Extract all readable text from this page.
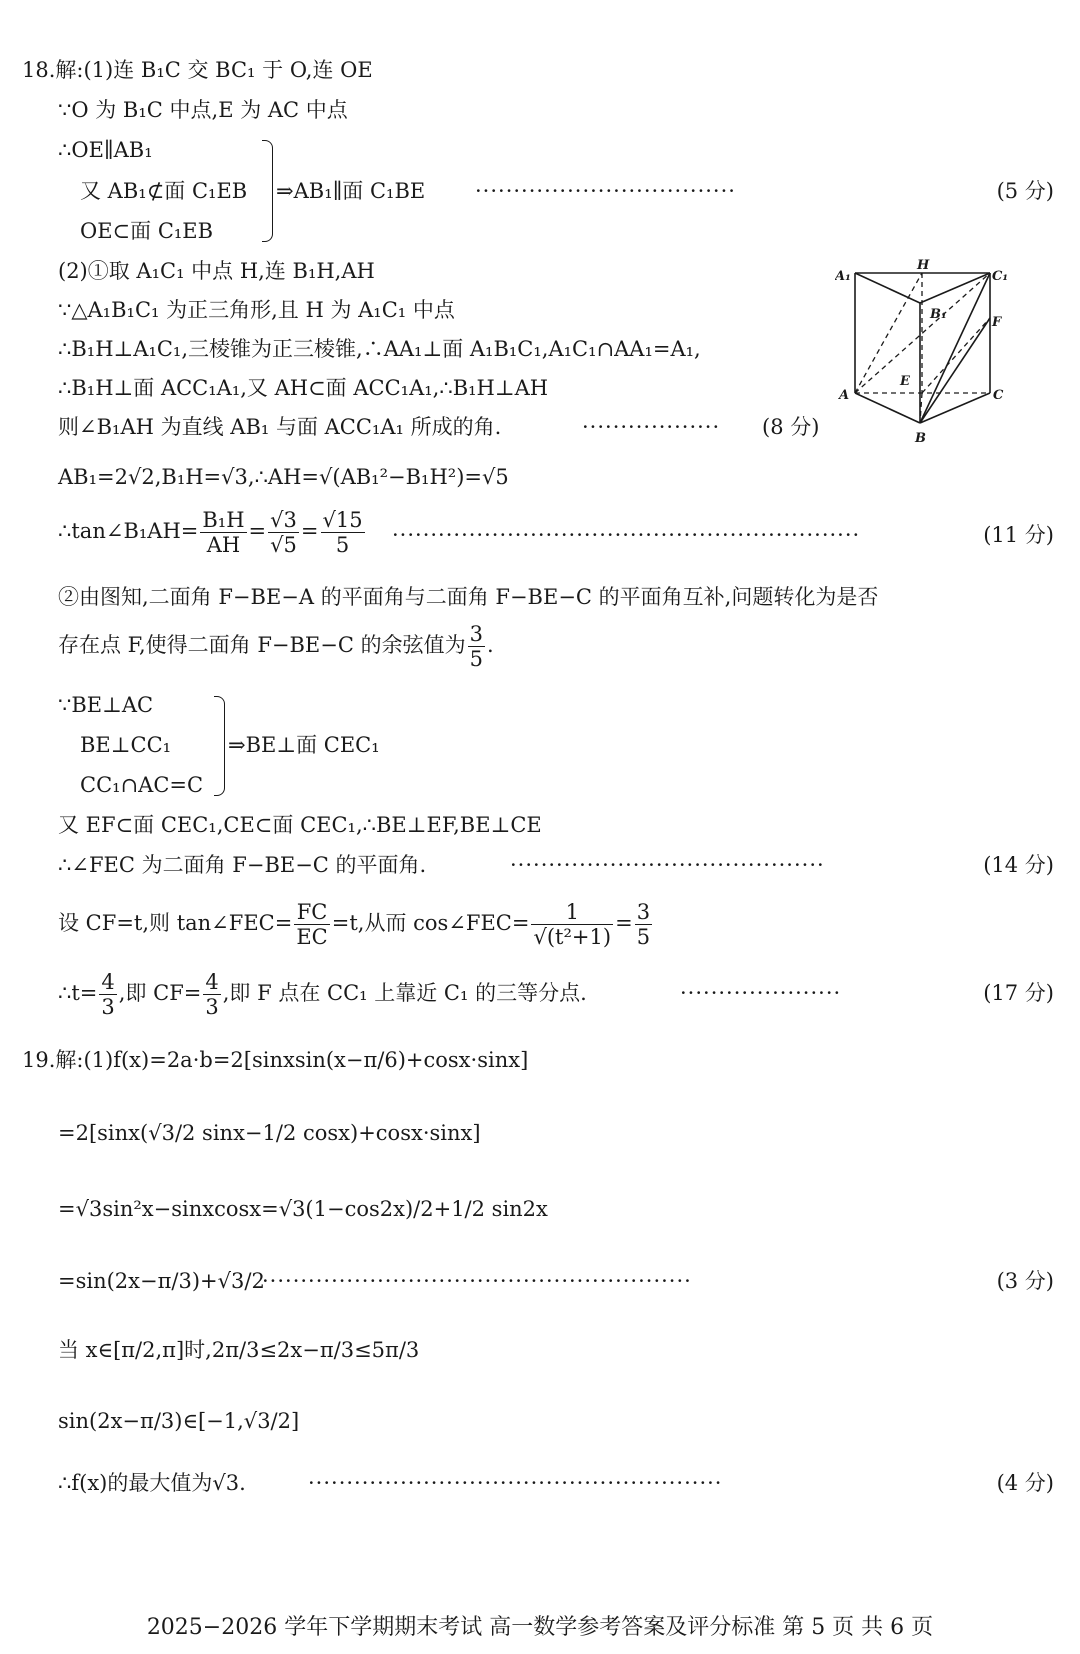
18.解:(1)连 B₁C 交 BC₁ 于 O,连 OE
∵O 为 B₁C 中点,E 为 AC 中点
∴OE∥AB₁
又 AB₁⊄面 C₁EB
OE⊂面 C₁EB
⇒AB₁∥面 C₁BE ··································	(5 分)
(2)①取 A₁C₁ 中点 H,连 B₁H,AH
∵△A₁B₁C₁ 为正三角形,且 H 为 A₁C₁ 中点
∴B₁H⊥A₁C₁,三棱锥为正三棱锥,∴AA₁⊥面 A₁B₁C₁,A₁C₁∩AA₁=A₁,
∴B₁H⊥面 ACC₁A₁,又 AH⊂面 ACC₁A₁,∴B₁H⊥AH
则∠B₁AH 为直线 AB₁ 与面 ACC₁A₁ 所成的角.	·················· (8 分)
A₁
H
C₁
B₁
F
E
A	C
B
AB₁=2√2,B₁H=√3,∴AH=√(AB₁²−B₁H²)=√5
∴tan∠B₁AH= $\frac{\text{B₁H}}{AH} = \frac{√3}{√5} = \frac{√15}{5}$ ·····························································	(11 分)
②由图知,二面角 F−BE−A 的平面角与二面角 F−BE−C 的平面角互补,问题转化为是否
存在点 F,使得二面角 F−BE−C 的余弦值为 $\frac{3}{5}$ .
∵BE⊥AC
BE⊥CC₁
CC₁∩AC=C
⇒BE⊥面 CEC₁
又 EF⊂面 CEC₁,CE⊂面 CEC₁,∴BE⊥EF,BE⊥CE
∴∠FEC 为二面角 F−BE−C 的平面角.	·········································	(14 分)
设 CF=t,则 tan∠FEC= $\frac{FC}{EC} =t$,从而 cos∠FEC= $\frac{1}{\text{√(t²+1)}} = \frac{3}{5}$
∴t= $\frac{4}{3}$ ,即 $CF= \frac{4}{3}$ ,即 F 点在 CC₁ 上靠近 C₁ 的三等分点.	·····················	(17 分)
19.解:(1)f(x)=2a·b=2[sinxsin(x−π/6)+cosx·sinx]
=2[sinx(√3/2 sinx−1/2 cosx)+cosx·sinx]
=√3sin²x−sinxcosx=√3(1−cos2x)/2+1/2 sin2x
=sin(2x−π/3)+√3/2
························································	(3 分)
当 x∈[π/2,π]时,2π/3≤2x−π/3≤5π/3
sin(2x−π/3)∈[−1,√3/2]
∴f(x)的最大值为√3.	······················································	(4 分)
2025−2026 学年下学期期末考试 高一数学参考答案及评分标准 第 5 页 共 6 页
